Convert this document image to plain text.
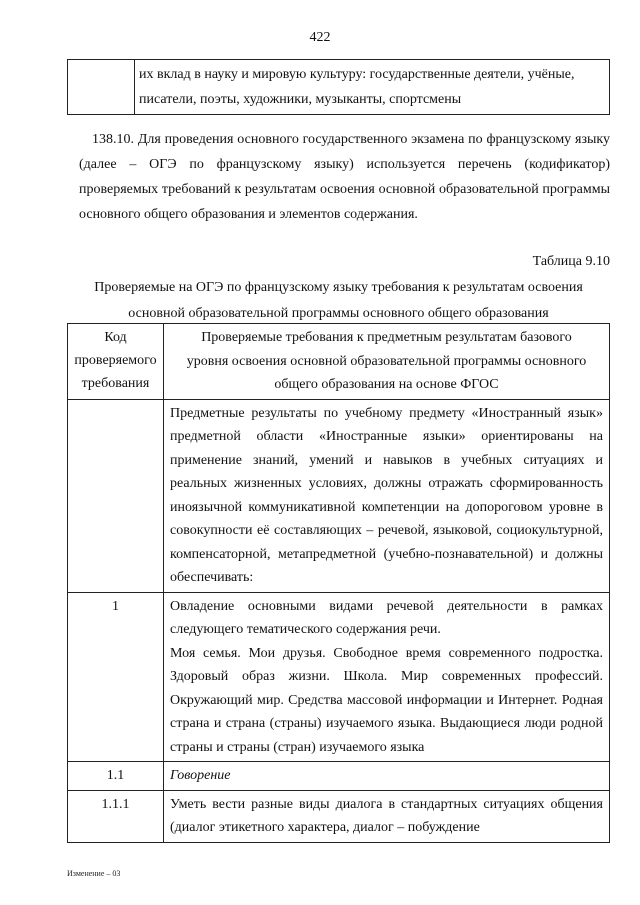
422

их вклад в науку и мировую культуру: государственные деятели, учёные,
писатели, поэты, художники, музыканты, спортсмены
138.10. Для проведения основного государственного экзамена по французскому языку (далее – ОГЭ по французскому языку) используется перечень (кодификатор) проверяемых требований к результатам освоения основной образовательной программы основного общего образования и элементов содержания.
Таблица 9.10
Проверяемые на ОГЭ по французскому языку требования к результатам освоения
основной образовательной программы основного общего образования
Код
проверяемого
требования	Проверяемые требования к предметным результатам базового
уровня освоения основной образовательной программы основного
общего образования на основе ФГОС

	Предметные результаты по учебному предмету «Иностранный язык» предметной области «Иностранные языки» ориентированы на применение знаний, умений и навыков в учебных ситуациях и реальных жизненных условиях, должны отражать сформированность иноязычной коммуникативной компетенции на допороговом уровне в совокупности её составляющих – речевой, языковой, социокультурной, компенсаторной, метапредметной (учебно-познавательной) и должны обеспечивать:
1	Овладение основными видами речевой деятельности в рамках следующего тематического содержания речи.
Моя семья. Мои друзья. Свободное время современного подростка. Здоровый образ жизни. Школа. Мир современных профессий. Окружающий мир. Средства массовой информации и Интернет. Родная страна и страна (страны) изучаемого языка. Выдающиеся люди родной страны и страны (стран) изучаемого языка

1.1	Говорение
1.1.1	Уметь вести разные виды диалога в стандартных ситуациях общения (диалог этикетного характера, диалог – побуждение
Изменение – 03
